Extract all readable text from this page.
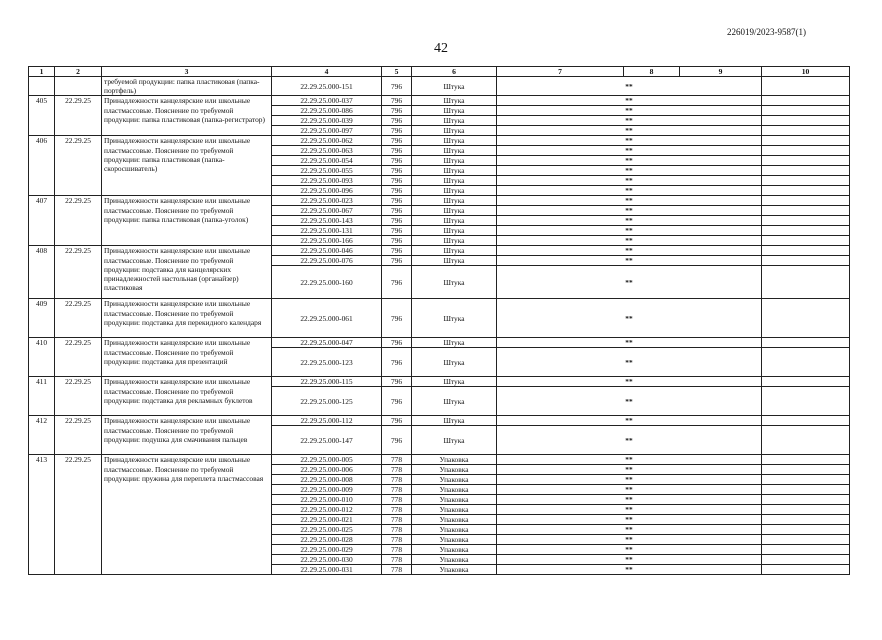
226019/2023-9587(1)
42
1	2	3	4	5	6	7	8	9	10
		требуемой продукции: папка пластиковая (папка-портфель)	22.29.25.000-151	796	Штука	**			
405	22.29.25	Принадлежности канцелярские или школьные пластмассовые. Пояснение по требуемой продукции: папка пластиковая (папка-регистратор)	22.29.25.000-037	796	Штука	**			
			22.29.25.000-086	796	Штука	**			
			22.29.25.000-039	796	Штука	**			
			22.29.25.000-097	796	Штука	**			
406	22.29.25	Принадлежности канцелярские или школьные пластмассовые. Пояснение по требуемой продукции: папка пластиковая (папка-скоросшиватель)	22.29.25.000-062	796	Штука	**			
			22.29.25.000-063	796	Штука	**			
			22.29.25.000-054	796	Штука	**			
			22.29.25.000-055	796	Штука	**			
			22.29.25.000-093	796	Штука	**			
			22.29.25.000-096	796	Штука	**			
407	22.29.25	Принадлежности канцелярские или школьные пластмассовые. Пояснение по требуемой продукции: папка пластиковая (папка-уголок)	22.29.25.000-023	796	Штука	**			
			22.29.25.000-067	796	Штука	**			
			22.29.25.000-143	796	Штука	**			
			22.29.25.000-131	796	Штука	**			
			22.29.25.000-166	796	Штука	**			
408	22.29.25	Принадлежности канцелярские или школьные пластмассовые. Пояснение по требуемой продукции: подставка для канцелярских принадлежностей настольная (органайзер) пластиковая	22.29.25.000-046	796	Штука	**			
			22.29.25.000-076	796	Штука	**			
			22.29.25.000-160	796	Штука	**			
409	22.29.25	Принадлежности канцелярские или школьные пластмассовые. Пояснение по требуемой продукции: подставка для перекидного календаря	22.29.25.000-061	796	Штука	**			
410	22.29.25	Принадлежности канцелярские или школьные пластмассовые. Пояснение по требуемой продукции: подставка для презентаций	22.29.25.000-047	796	Штука	**			
			22.29.25.000-123	796	Штука	**			
411	22.29.25	Принадлежности канцелярские или школьные пластмассовые. Пояснение по требуемой продукции: подставка для рекламных буклетов	22.29.25.000-115	796	Штука	**			
			22.29.25.000-125	796	Штука	**			
412	22.29.25	Принадлежности канцелярские или школьные пластмассовые. Пояснение по требуемой продукции: подушка для смачивания пальцев	22.29.25.000-112	796	Штука	**			
			22.29.25.000-147	796	Штука	**			
413	22.29.25	Принадлежности канцелярские или школьные пластмассовые. Пояснение по требуемой продукции: пружина для переплета пластмассовая	22.29.25.000-005	778	Упаковка	**			
			22.29.25.000-006	778	Упаковка	**			
			22.29.25.000-008	778	Упаковка	**			
			22.29.25.000-009	778	Упаковка	**			
			22.29.25.000-010	778	Упаковка	**			
			22.29.25.000-012	778	Упаковка	**			
			22.29.25.000-021	778	Упаковка	**			
			22.29.25.000-025	778	Упаковка	**			
			22.29.25.000-028	778	Упаковка	**			
			22.29.25.000-029	778	Упаковка	**			
			22.29.25.000-030	778	Упаковка	**			
			22.29.25.000-031	778	Упаковка	**			
